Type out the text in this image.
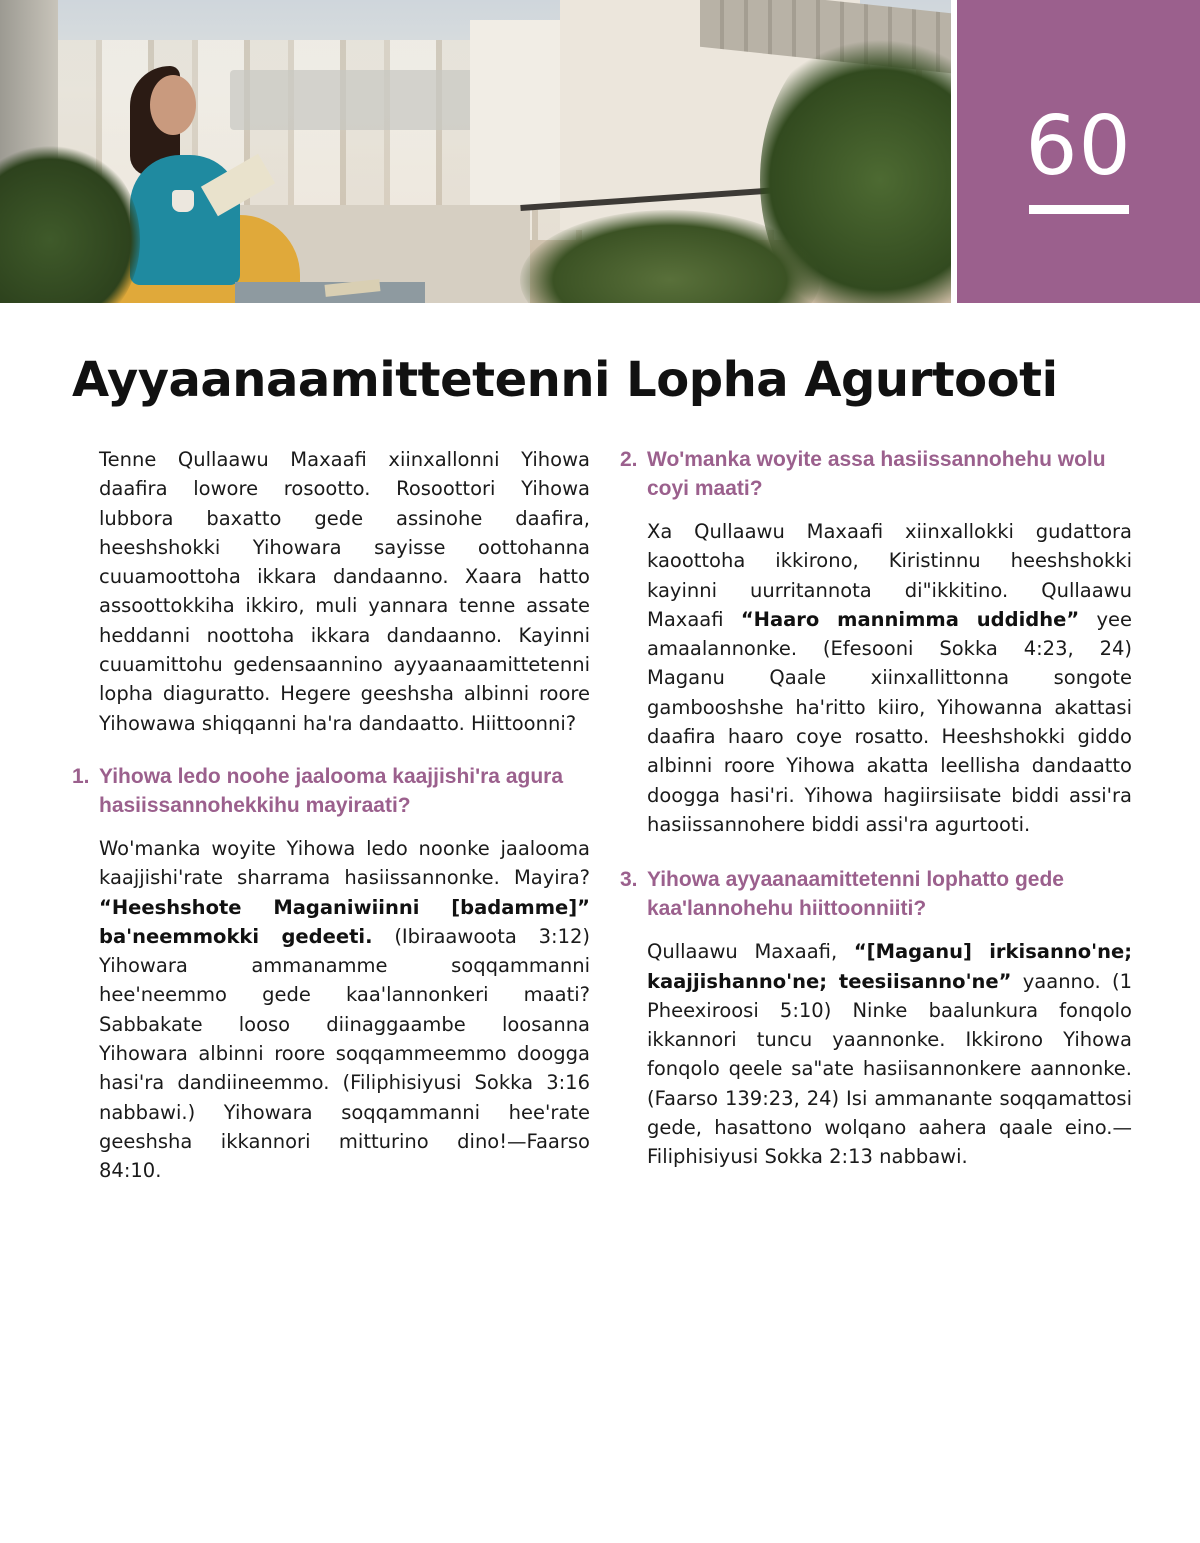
60
Ayyaanaamittetenni Lopha Agurtooti

Tenne Qullaawu Maxaafi xiinxallonni Yihowa daafira lowore rosootto. Rosoottori Yihowa lubbora baxatto gede assinohe daafira, heeshshokki Yihowara sayisse oottohanna cuuamoottoha ikkara dandaanno. Xaara hatto assoottokkiha ikkiro, muli yannara tenne assate heddanni noottoha ikkara dandaanno. Kayinni cuuamittohu gedensaannino ayyaanaamittetenni lopha diaguratto. Hegere geeshsha albinni roore Yihowawa shiqqanni ha'ra dandaatto. Hiittoonni?

1. Yihowa ledo noohe jaalooma kaajjishi'ra agura hasiissannohekkihu mayiraati?

Wo'manka woyite Yihowa ledo noonke jaalooma kaajjishi'rate sharrama hasiissannonke. Mayira? “Heeshshote Maganiwiinni [badamme]” ba'neemmokki gedeeti. (Ibiraawoota 3:12) Yihowara ammanamme soqqammanni hee'neemmo gede kaa'lannonkeri maati? Sabbakate looso diinaggaambe loosanna Yihowara albinni roore soqqammeemmo doogga hasi'ra dandiineemmo. (Filiphisiyusi Sokka 3:16 nabbawi.) Yihowara soqqammanni hee'rate geeshsha ikkannori mitturino dino!—Faarso 84:10.

2. Wo'manka woyite assa hasiissannohehu wolu coyi maati?

Xa Qullaawu Maxaafi xiinxallokki gudattora kaoottoha ikkirono, Kiristinnu heeshshokki kayinni uurritannota di"ikkitino. Qullaawu Maxaafi “Haaro mannimma uddidhe” yee amaalannonke. (Efesooni Sokka 4:23, 24) Maganu Qaale xiinxallittonna songote gambooshshe ha'ritto kiiro, Yihowanna akattasi daafira haaro coye rosatto. Heeshshokki giddo albinni roore Yihowa akatta leellisha dandaatto doogga hasi'ri. Yihowa hagiirsiisate biddi assi'ra hasiissannohere biddi assi'ra agurtooti.

3. Yihowa ayyaanaamittetenni lophatto gede kaa'lannohehu hiittoonniiti?

Qullaawu Maxaafi, “[Maganu] irkisanno'ne; kaajjishanno'ne; teesiisanno'ne” yaanno. (1 Pheexiroosi 5:10) Ninke baalunkura fonqolo ikkannori tuncu yaannonke. Ikkirono Yihowa fonqolo qeele sa"ate hasiisannonkere aannonke. (Faarso 139:23, 24) Isi ammanante soqqamattosi gede, hasattono wolqano aahera qaale eino.—Filiphisiyusi Sokka 2:13 nabbawi.
